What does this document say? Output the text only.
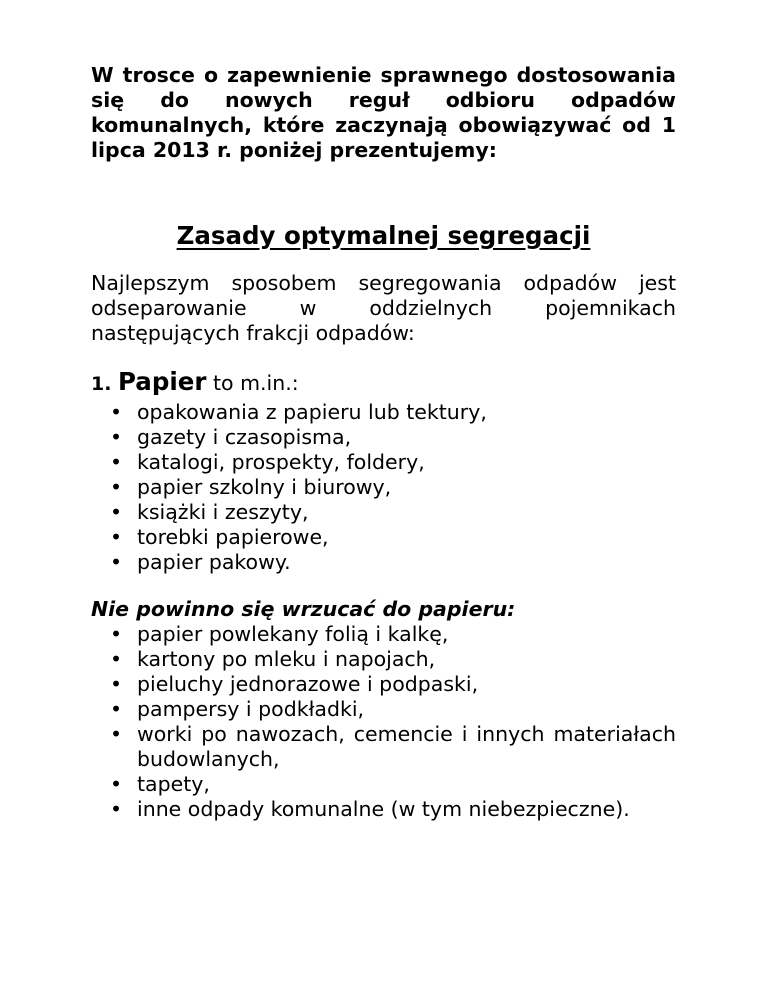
W trosce o zapewnienie sprawnego dostosowania się do nowych reguł odbioru odpadów komunalnych, które zaczynają obowiązywać od 1 lipca 2013 r. poniżej prezentujemy:

Zasady optymalnej segregacji

Najlepszym sposobem segregowania odpadów jest odseparowanie w oddzielnych pojemnikach następujących frakcji odpadów:

1. Papier to m.in.:
• opakowania z papieru lub tektury,
• gazety i czasopisma,
• katalogi, prospekty, foldery,
• papier szkolny i biurowy,
• książki i zeszyty,
• torebki papierowe,
• papier pakowy.
Nie powinno się wrzucać do papieru:
• papier powlekany folią i kalkę,
• kartony po mleku i napojach,
• pieluchy jednorazowe i podpaski,
• pampersy i podkładki,
• worki po nawozach, cemencie i innych materiałach budowlanych,
• tapety,
• inne odpady komunalne (w tym niebezpieczne).
